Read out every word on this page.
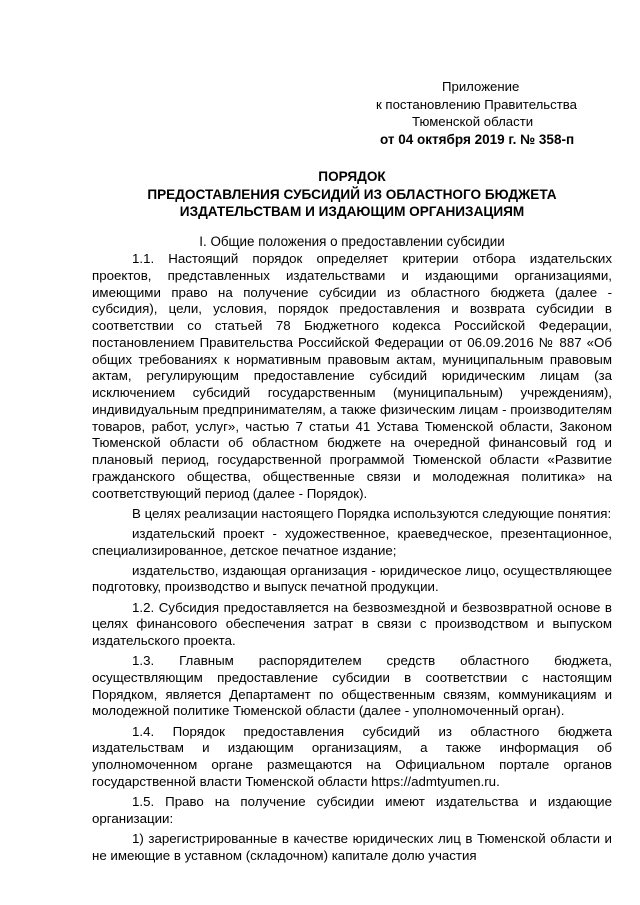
Приложение
к постановлению Правительства
Тюменской области
от 04 октября 2019 г. № 358-п
ПОРЯДОК
ПРЕДОСТАВЛЕНИЯ СУБСИДИЙ ИЗ ОБЛАСТНОГО БЮДЖЕТА
ИЗДАТЕЛЬСТВАМ И ИЗДАЮЩИМ ОРГАНИЗАЦИЯМ
I. Общие положения о предоставлении субсидии

1.1. Настоящий порядок определяет критерии отбора издательских проектов, представленных издательствами и издающими организациями, имеющими право на получение субсидии из областного бюджета (далее - субсидия), цели, условия, порядок предоставления и возврата субсидии в соответствии со статьей 78 Бюджетного кодекса Российской Федерации, постановлением Правительства Российской Федерации от 06.09.2016 № 887 «Об общих требованиях к нормативным правовым актам, муниципальным правовым актам, регулирующим предоставление субсидий юридическим лицам (за исключением субсидий государственным (муниципальным) учреждениям), индивидуальным предпринимателям, а также физическим лицам - производителям товаров, работ, услуг», частью 7 статьи 41 Устава Тюменской области, Законом Тюменской области об областном бюджете на очередной финансовый год и плановый период, государственной программой Тюменской области «Развитие гражданского общества, общественные связи и молодежная политика» на соответствующий период (далее - Порядок).

В целях реализации настоящего Порядка используются следующие понятия:

издательский проект - художественное, краеведческое, презентационное, специализированное, детское печатное издание;

издательство, издающая организация - юридическое лицо, осуществляющее подготовку, производство и выпуск печатной продукции.

1.2. Субсидия предоставляется на безвозмездной и безвозвратной основе в целях финансового обеспечения затрат в связи с производством и выпуском издательского проекта.

1.3. Главным распорядителем средств областного бюджета, осуществляющим предоставление субсидии в соответствии с настоящим Порядком, является Департамент по общественным связям, коммуникациям и молодежной политике Тюменской области (далее - уполномоченный орган).

1.4. Порядок предоставления субсидий из областного бюджета издательствам и издающим организациям, а также информация об уполномоченном органе размещаются на Официальном портале органов государственной власти Тюменской области https://admtyumen.ru.

1.5. Право на получение субсидии имеют издательства и издающие организации:

1) зарегистрированные в качестве юридических лиц в Тюменской области и не имеющие в уставном (складочном) капитале долю участия
